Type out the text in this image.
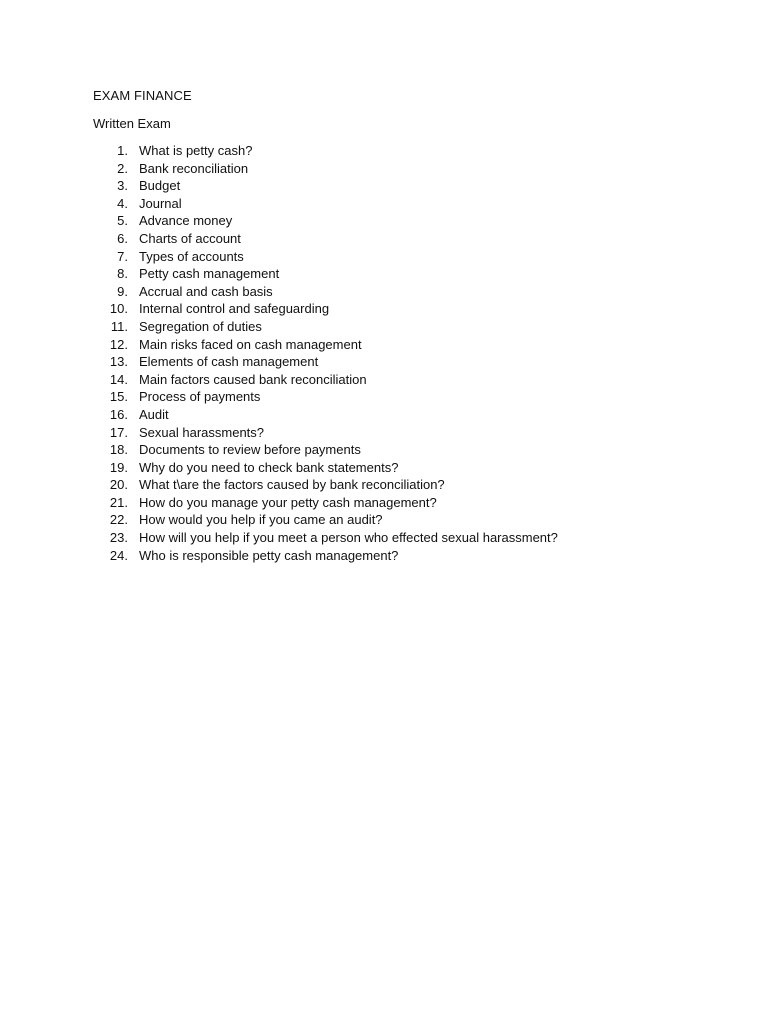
EXAM FINANCE
Written Exam
1. What is petty cash?
2. Bank reconciliation
3. Budget
4. Journal
5. Advance money
6. Charts of account
7. Types of accounts
8. Petty cash management
9. Accrual and cash basis
10. Internal control and safeguarding
11. Segregation of duties
12. Main risks faced on cash management
13. Elements of cash management
14. Main factors caused bank reconciliation
15. Process of payments
16. Audit
17. Sexual harassments?
18. Documents to review before payments
19. Why do you need to check bank statements?
20. What t\are the factors caused by bank reconciliation?
21. How do you manage your petty cash management?
22. How would you help if you came an audit?
23. How will you help if you meet a person who effected sexual harassment?
24. Who is responsible petty cash management?
